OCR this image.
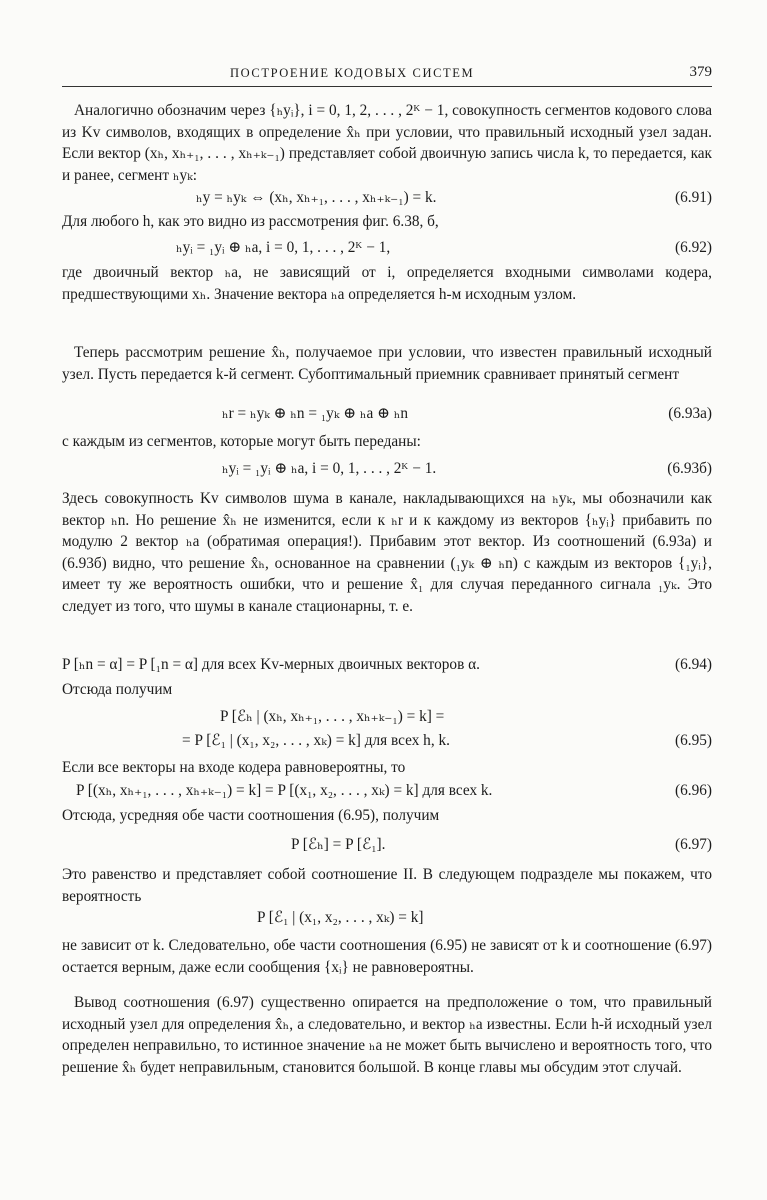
ПОСТРОЕНИЕ КОДОВЫХ СИСТЕМ	379
Аналогично обозначим через {ₕyᵢ}, i = 0, 1, 2, . . . , 2ᴷ − 1, совокупность сегментов кодового слова из Kv символов, входящих в определение x̂ₕ при условии, что правильный исходный узел задан. Если вектор (xₕ, xₕ₊₁, . . . , xₕ₊ₖ₋₁) представляет собой двоичную запись числа k, то передается, как и ранее, сегмент ₕyₖ:
ₕy = ₕyₖ ⇔ (xₕ, xₕ₊₁, . . . , xₕ₊ₖ₋₁) = k.	(6.91)
Для любого h, как это видно из рассмотрения фиг. 6.38, б,
ₕyᵢ = ₁yᵢ ⊕ ₕa, i = 0, 1, . . . , 2ᴷ − 1,	(6.92)
где двоичный вектор ₕa, не зависящий от i, определяется входными символами кодера, предшествующими xₕ. Значение вектора ₕa определяется h-м исходным узлом.
Теперь рассмотрим решение x̂ₕ, получаемое при условии, что известен правильный исходный узел. Пусть передается k-й сегмент. Субоптимальный приемник сравнивает принятый сегмент
ₕr = ₕyₖ ⊕ ₕn = ₁yₖ ⊕ ₕa ⊕ ₕn	(6.93а)
с каждым из сегментов, которые могут быть переданы:
ₕyᵢ = ₁yᵢ ⊕ ₕa, i = 0, 1, . . . , 2ᴷ − 1.	(6.93б)
Здесь совокупность Kv символов шума в канале, накладывающихся на ₕyₖ, мы обозначили как вектор ₕn. Но решение x̂ₕ не изменится, если к ₕr и к каждому из векторов {ₕyᵢ} прибавить по модулю 2 вектор ₕa (обратимая операция!). Прибавим этот вектор. Из соотношений (6.93а) и (6.93б) видно, что решение x̂ₕ, основанное на сравнении (₁yₖ ⊕ ₕn) с каждым из векторов {₁yᵢ}, имеет ту же вероятность ошибки, что и решение x̂₁ для случая переданного сигнала ₁yₖ. Это следует из того, что шумы в канале стационарны, т. е.
P [ₕn = α] = P [₁n = α] для всех Kv-мерных двоичных векторов α.	(6.94)
Отсюда получим
P [ℰₕ | (xₕ, xₕ₊₁, . . . , xₕ₊ₖ₋₁) = k] =
= P [ℰ₁ | (x₁, x₂, . . . , xₖ) = k] для всех h, k.	(6.95)
Если все векторы на входе кодера равновероятны, то
P [(xₕ, xₕ₊₁, . . . , xₕ₊ₖ₋₁) = k] = P [(x₁, x₂, . . . , xₖ) = k] для всех k.	(6.96)
Отсюда, усредняя обе части соотношения (6.95), получим
P [ℰₕ] = P [ℰ₁].	(6.97)
Это равенство и представляет собой соотношение II. В следующем подразделе мы покажем, что вероятность
P [ℰ₁ | (x₁, x₂, . . . , xₖ) = k]
не зависит от k. Следовательно, обе части соотношения (6.95) не зависят от k и соотношение (6.97) остается верным, даже если сообщения {xᵢ} не равновероятны.
Вывод соотношения (6.97) существенно опирается на предположение о том, что правильный исходный узел для определения x̂ₕ, а следовательно, и вектор ₕa известны. Если h-й исходный узел определен неправильно, то истинное значение ₕa не может быть вычислено и вероятность того, что решение x̂ₕ будет неправильным, становится большой. В конце главы мы обсудим этот случай.
